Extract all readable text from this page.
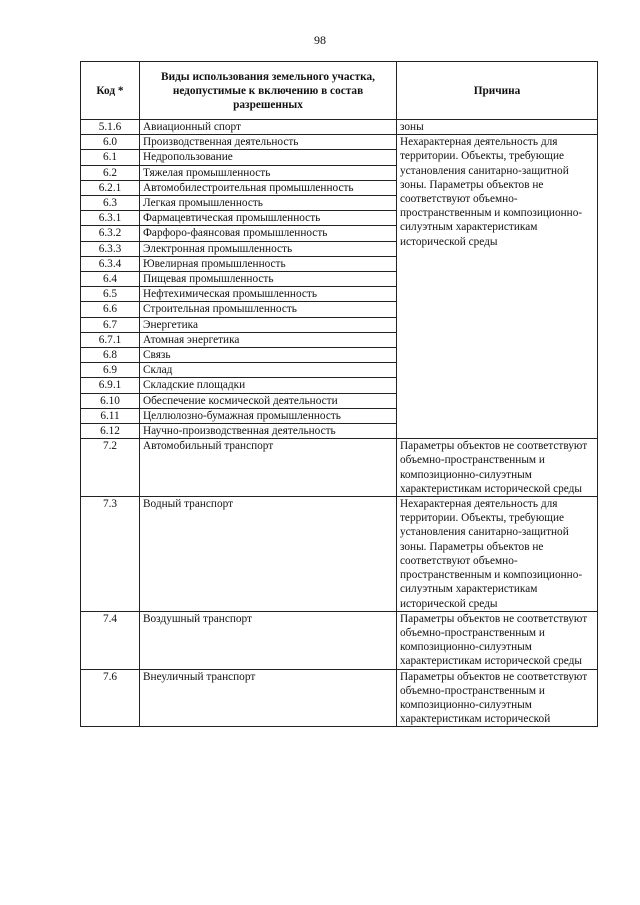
98
Код *	Виды использования земельного участка, недопустимые к включению в состав разрешенных	Причина
5.1.6	Авиационный спорт	зоны
6.0	Производственная деятельность	Нехарактерная деятельность для территории. Объекты, требующие установления санитарно-защитной зоны. Параметры объектов не соответствуют объемно-пространственным и композиционно-силуэтным характеристикам исторической среды
6.1	Недропользование	
6.2	Тяжелая промышленность	
6.2.1	Автомобилестроительная промышленность	
6.3	Легкая промышленность	
6.3.1	Фармацевтическая промышленность	
6.3.2	Фарфоро-фаянсовая промышленность	
6.3.3	Электронная промышленность	
6.3.4	Ювелирная промышленность	
6.4	Пищевая промышленность	
6.5	Нефтехимическая промышленность	
6.6	Строительная промышленность	
6.7	Энергетика	
6.7.1	Атомная энергетика	
6.8	Связь	
6.9	Склад	
6.9.1	Складские площадки	
6.10	Обеспечение космической деятельности	
6.11	Целлюлозно-бумажная промышленность	
6.12	Научно-производственная деятельность	
7.2	Автомобильный транспорт	Параметры объектов не соответствуют объемно-пространственным и композиционно-силуэтным характеристикам исторической среды
7.3	Водный транспорт	Нехарактерная деятельность для территории. Объекты, требующие установления санитарно-защитной зоны. Параметры объектов не соответствуют объемно-пространственным и композиционно-силуэтным характеристикам исторической среды
7.4	Воздушный транспорт	Параметры объектов не соответствуют объемно-пространственным и композиционно-силуэтным характеристикам исторической среды
7.6	Внеуличный транспорт	Параметры объектов не соответствуют объемно-пространственным и композиционно-силуэтным характеристикам исторической
